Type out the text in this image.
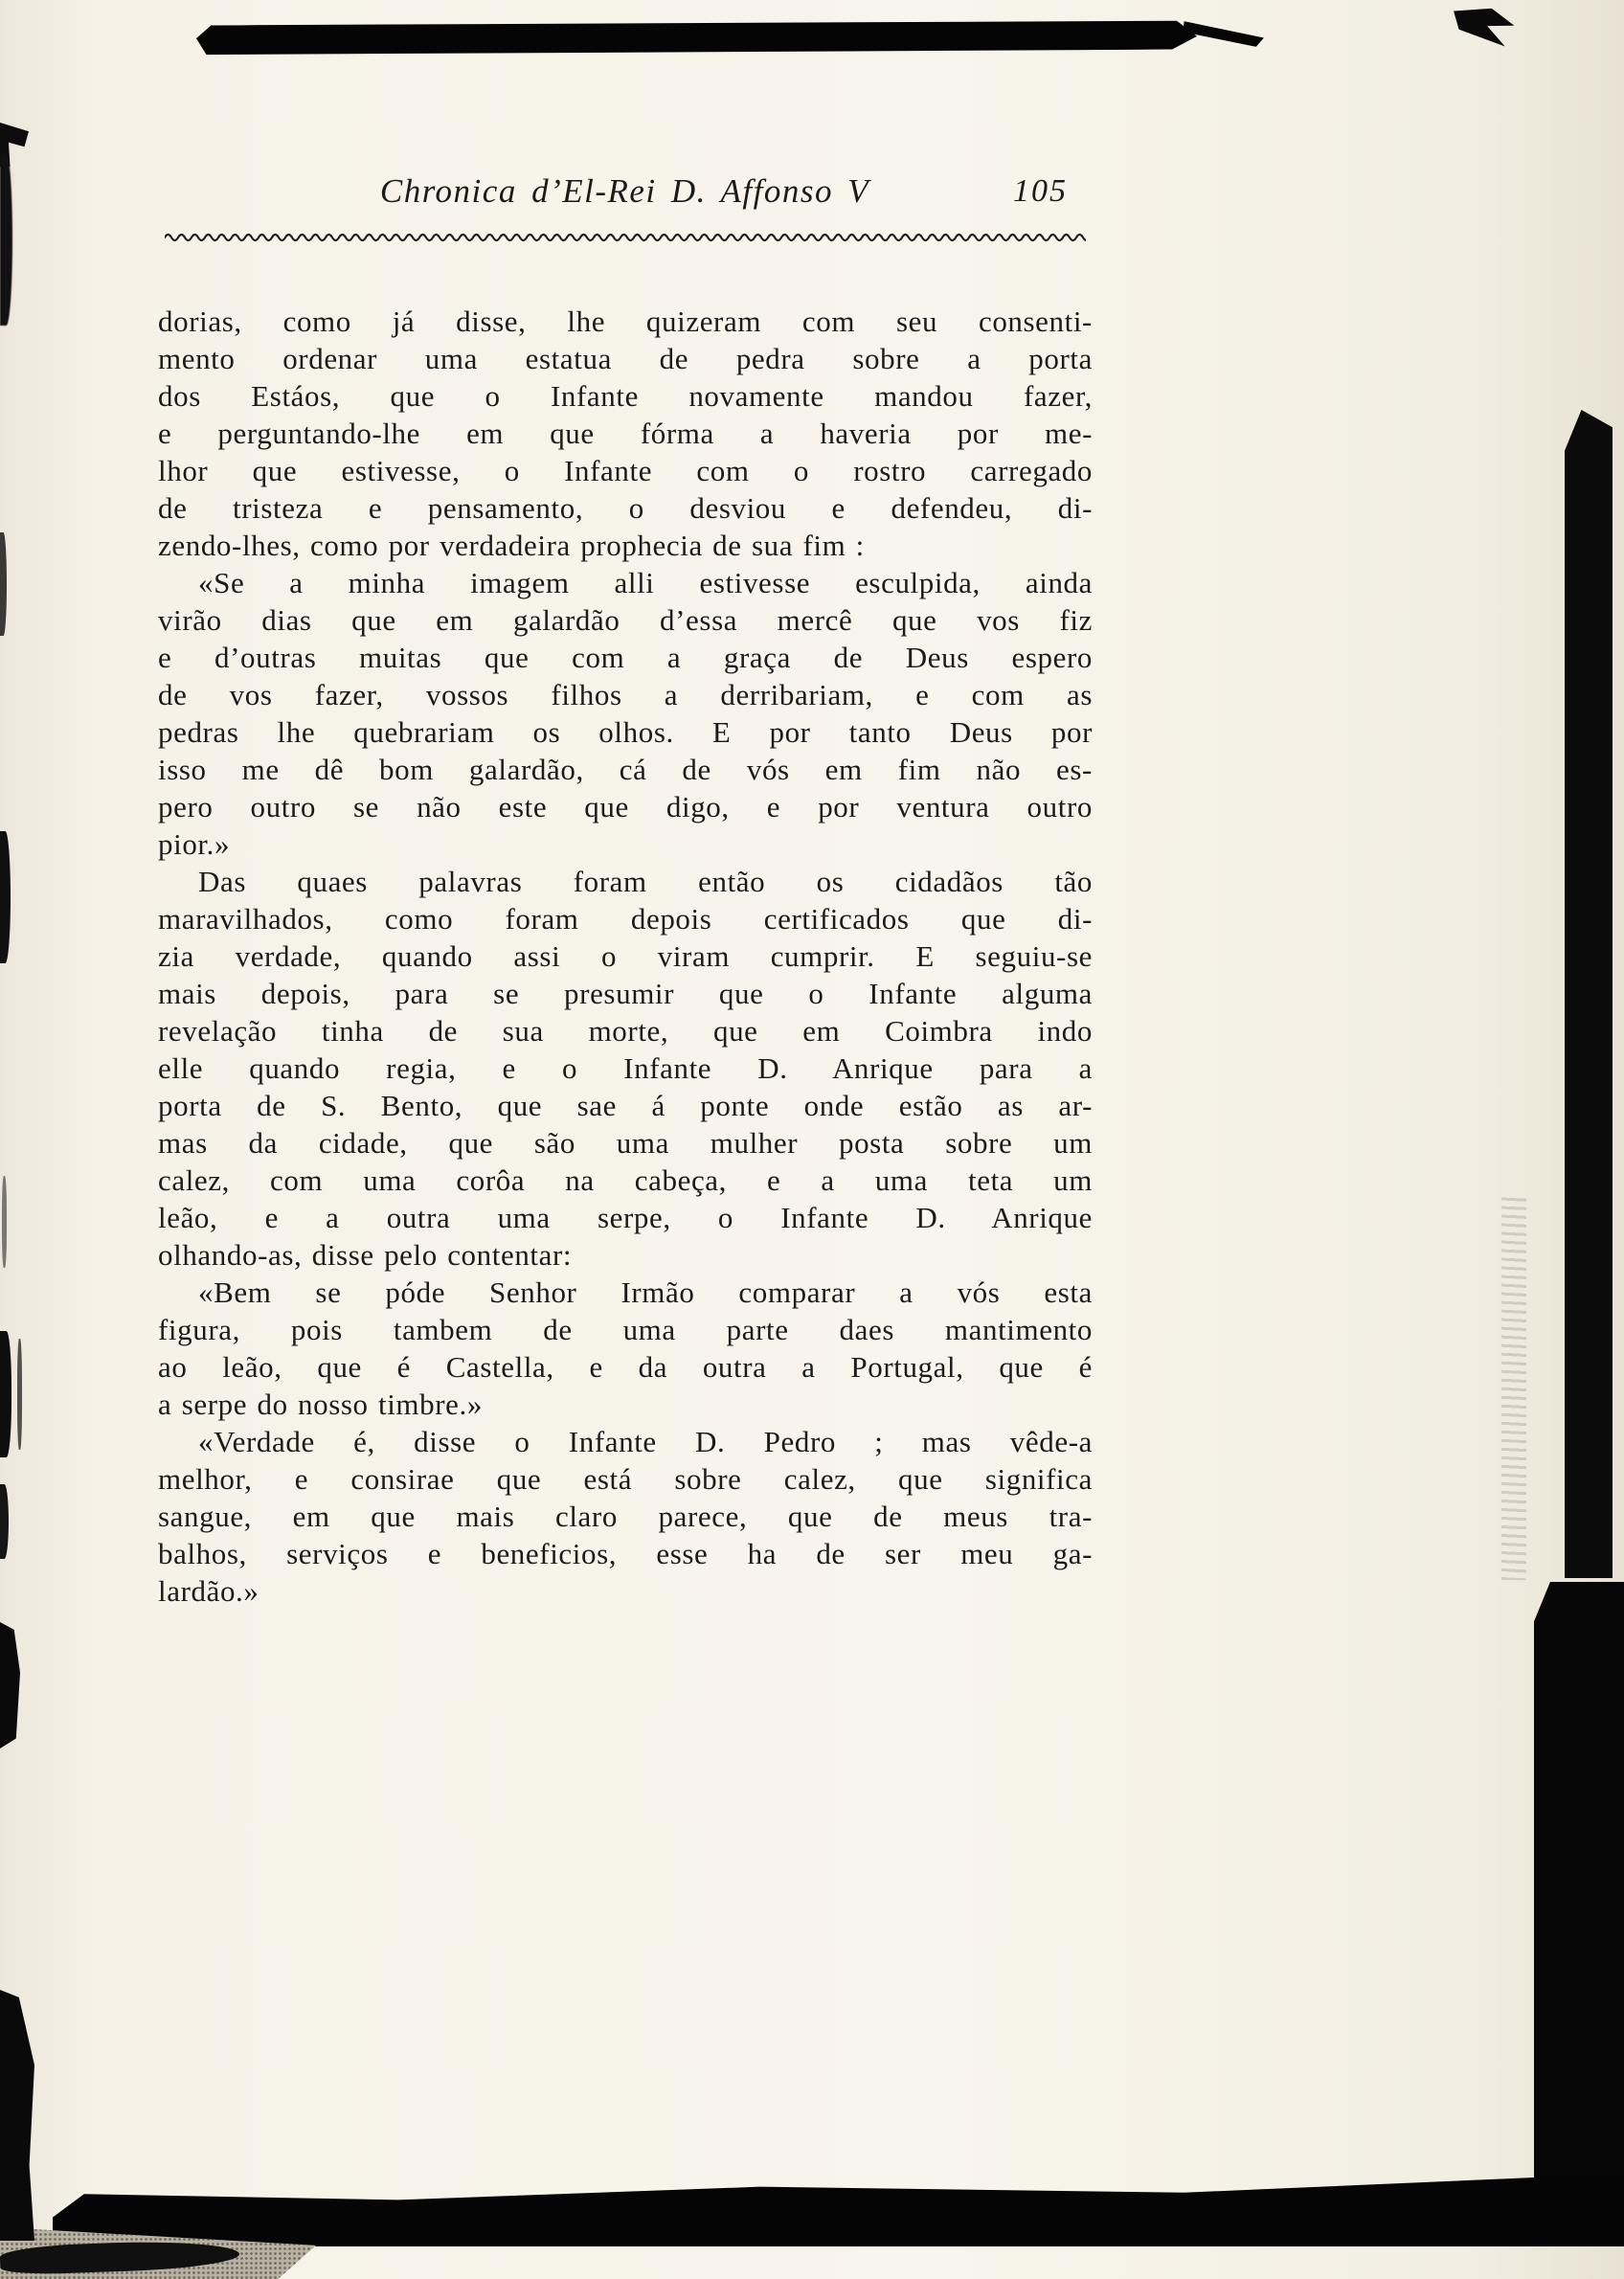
Chronica d’El-Rei D. Affonso V	105
dorias, como já disse, lhe quizeram com seu consenti-
mento ordenar uma estatua de pedra sobre a porta
dos Estáos, que o Infante novamente mandou fazer,
e perguntando-lhe em que fórma a haveria por me-
lhor que estivesse, o Infante com o rostro carregado
de tristeza e pensamento, o desviou e defendeu, di-
zendo-lhes, como por verdadeira prophecia de sua fim :
«Se a minha imagem alli estivesse esculpida, ainda
virão dias que em galardão d’essa mercê que vos fiz
e d’outras muitas que com a graça de Deus espero
de vos fazer, vossos filhos a derribariam, e com as
pedras lhe quebrariam os olhos. E por tanto Deus por
isso me dê bom galardão, cá de vós em fim não es-
pero outro se não este que digo, e por ventura outro
pior.»
Das quaes palavras foram então os cidadãos tão
maravilhados, como foram depois certificados que di-
zia verdade, quando assi o viram cumprir. E seguiu-se
mais depois, para se presumir que o Infante alguma
revelação tinha de sua morte, que em Coimbra indo
elle quando regia, e o Infante D. Anrique para a
porta de S. Bento, que sae á ponte onde estão as ar-
mas da cidade, que são uma mulher posta sobre um
calez, com uma corôa na cabeça, e a uma teta um
leão, e a outra uma serpe, o Infante D. Anrique
olhando-as, disse pelo contentar:
«Bem se póde Senhor Irmão comparar a vós esta
figura, pois tambem de uma parte daes mantimento
ao leão, que é Castella, e da outra a Portugal, que é
a serpe do nosso timbre.»
«Verdade é, disse o Infante D. Pedro ; mas vêde-a
melhor, e consirae que está sobre calez, que significa
sangue, em que mais claro parece, que de meus tra-
balhos, serviços e beneficios, esse ha de ser meu ga-
lardão.»
